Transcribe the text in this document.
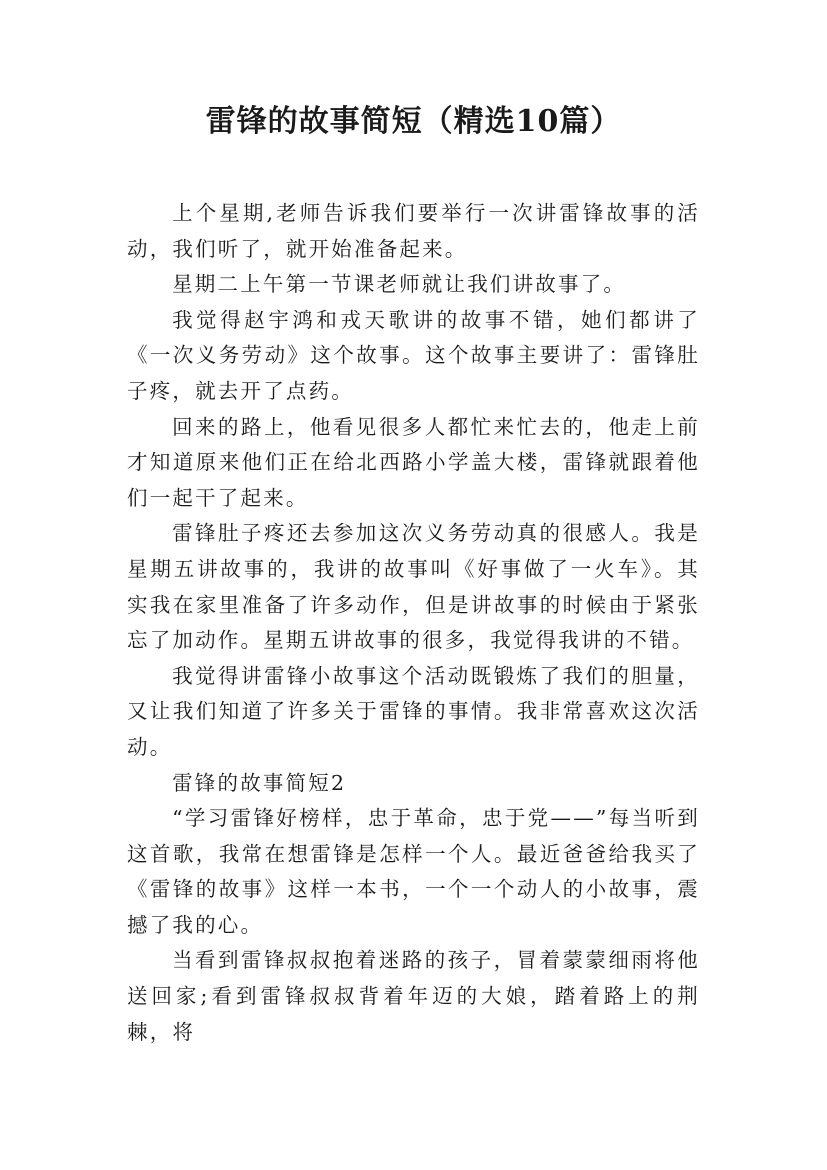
雷锋的故事简短（精选10篇）

上个星期,老师告诉我们要举行一次讲雷锋故事的活动，我们听了，就开始准备起来。

星期二上午第一节课老师就让我们讲故事了。

我觉得赵宇鸿和戎天歌讲的故事不错，她们都讲了《一次义务劳动》这个故事。这个故事主要讲了：雷锋肚子疼，就去开了点药。

回来的路上，他看见很多人都忙来忙去的，他走上前才知道原来他们正在给北西路小学盖大楼，雷锋就跟着他们一起干了起来。

雷锋肚子疼还去参加这次义务劳动真的很感人。我是星期五讲故事的，我讲的故事叫《好事做了一火车》。其实我在家里准备了许多动作，但是讲故事的时候由于紧张忘了加动作。星期五讲故事的很多，我觉得我讲的不错。

我觉得讲雷锋小故事这个活动既锻炼了我们的胆量，又让我们知道了许多关于雷锋的事情。我非常喜欢这次活动。

雷锋的故事简短2

“学习雷锋好榜样，忠于革命，忠于党——”每当听到这首歌，我常在想雷锋是怎样一个人。最近爸爸给我买了《雷锋的故事》这样一本书，一个一个动人的小故事，震撼了我的心。

当看到雷锋叔叔抱着迷路的孩子，冒着蒙蒙细雨将他送回家;看到雷锋叔叔背着年迈的大娘，踏着路上的荆棘，将
